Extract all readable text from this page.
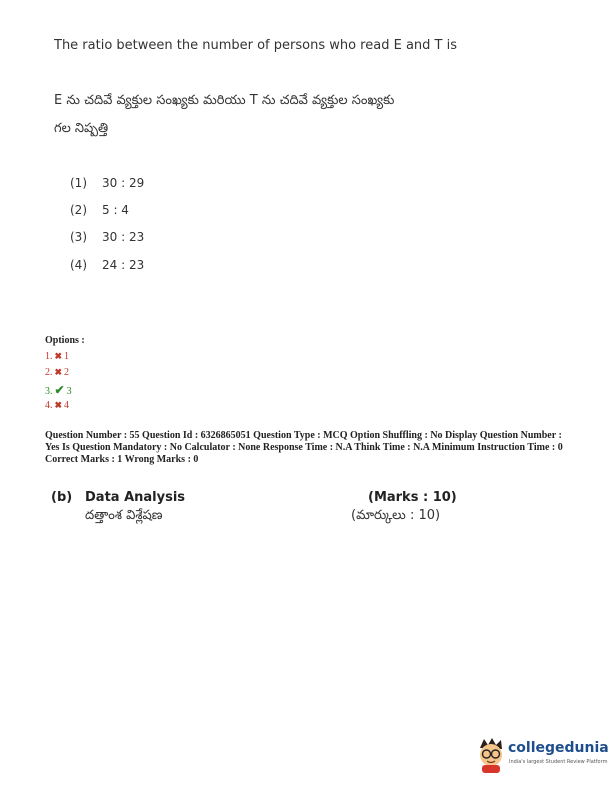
The ratio between the number of persons who read E and T is
E ను చదివే వ్యక్తుల సంఖ్యకు మరియు T ను చదివే వ్యక్తుల సంఖ్యకు
గల నిష్పత్తి
(1) 30 : 29
(2) 5 : 4
(3) 30 : 23
(4) 24 : 23
Options :
1. ✖ 1
2. ✖ 2
3. ✔ 3
4. ✖ 4
Question Number : 55 Question Id : 6326865051 Question Type : MCQ Option Shuffling : No Display Question Number : Yes Is Question Mandatory : No Calculator : None Response Time : N.A Think Time : N.A Minimum Instruction Time : 0
Correct Marks : 1 Wrong Marks : 0
(b) Data Analysis	(Marks : 10)
దత్తాంశ విశ్లేషణ	(మార్కులు : 10)
collegedunia
India's largest Student Review Platform
